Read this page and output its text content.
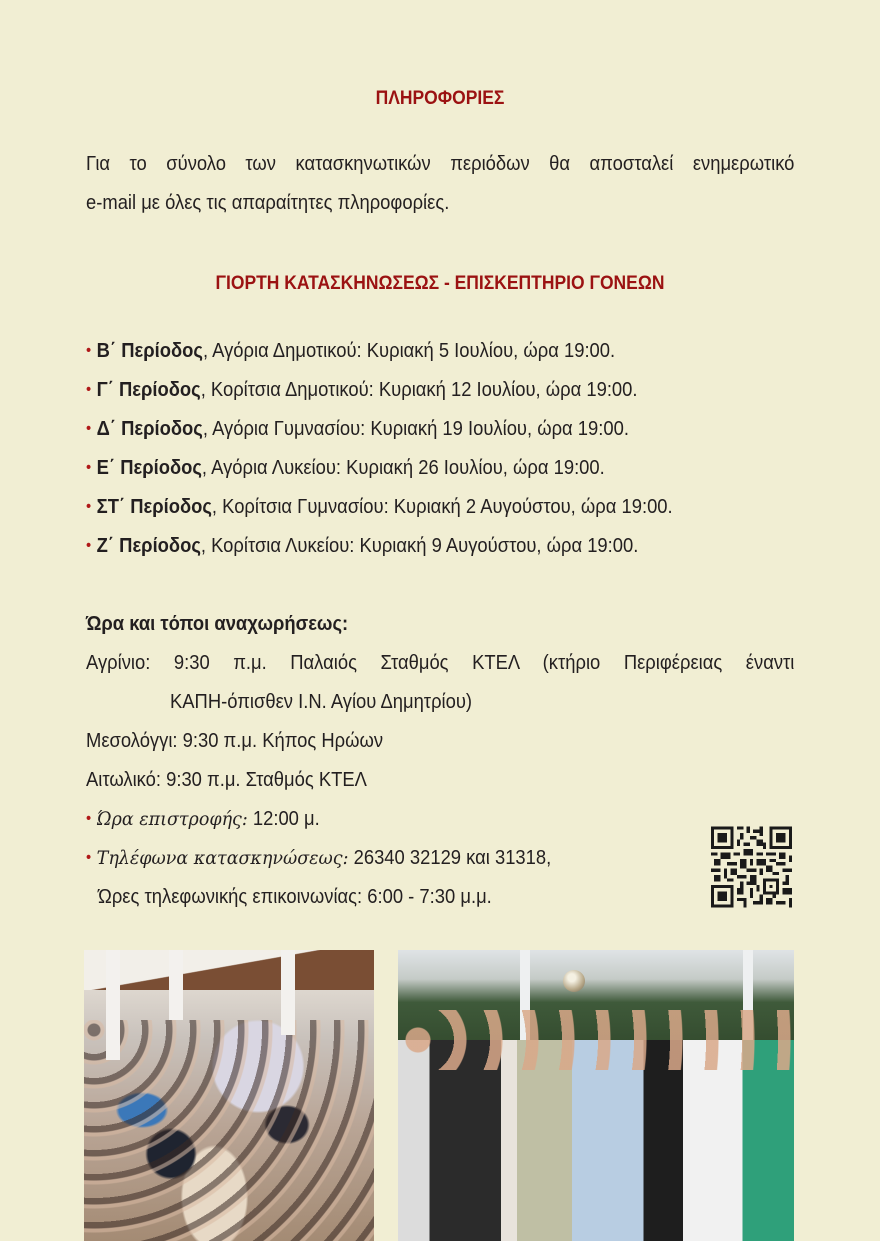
ΠΛΗΡΟΦΟΡΙΕΣ
Για το σύνολο των κατασκηνωτικών περιόδων θα αποσταλεί ενημερωτικό
e-mail με όλες τις απαραίτητες πληροφορίες.
ΓΙΟΡΤΗ ΚΑΤΑΣΚΗΝΩΣΕΩΣ - ΕΠΙΣΚΕΠΤΗΡΙΟ ΓΟΝΕΩΝ
• Β΄ Περίοδος, Αγόρια Δημοτικού: Κυριακή 5 Ιουλίου, ώρα 19:00.
• Γ΄ Περίοδος, Κορίτσια Δημοτικού: Κυριακή 12 Ιουλίου, ώρα 19:00.
• Δ΄ Περίοδος, Αγόρια Γυμνασίου: Κυριακή 19 Ιουλίου, ώρα 19:00.
• Ε΄ Περίοδος, Αγόρια Λυκείου: Κυριακή 26 Ιουλίου, ώρα 19:00.
• ΣΤ΄ Περίοδος, Κορίτσια Γυμνασίου: Κυριακή 2 Αυγούστου, ώρα 19:00.
• Ζ΄ Περίοδος, Κορίτσια Λυκείου: Κυριακή 9 Αυγούστου, ώρα 19:00.
Ώρα και τόποι αναχωρήσεως:
Αγρίνιο: 9:30 π.μ. Παλαιός Σταθμός ΚΤΕΛ (κτήριο Περιφέρειας έναντι
ΚΑΠΗ-όπισθεν Ι.Ν. Αγίου Δημητρίου)
Μεσολόγγι: 9:30 π.μ. Κήπος Ηρώων
Αιτωλικό: 9:30 π.μ. Σταθμός ΚΤΕΛ
• Ώρα επιστροφής: 12:00 μ.
• Τηλέφωνα κατασκηνώσεως: 26340 32129 και 31318,
Ώρες τηλεφωνικής επικοινωνίας: 6:00 - 7:30 μ.μ.
